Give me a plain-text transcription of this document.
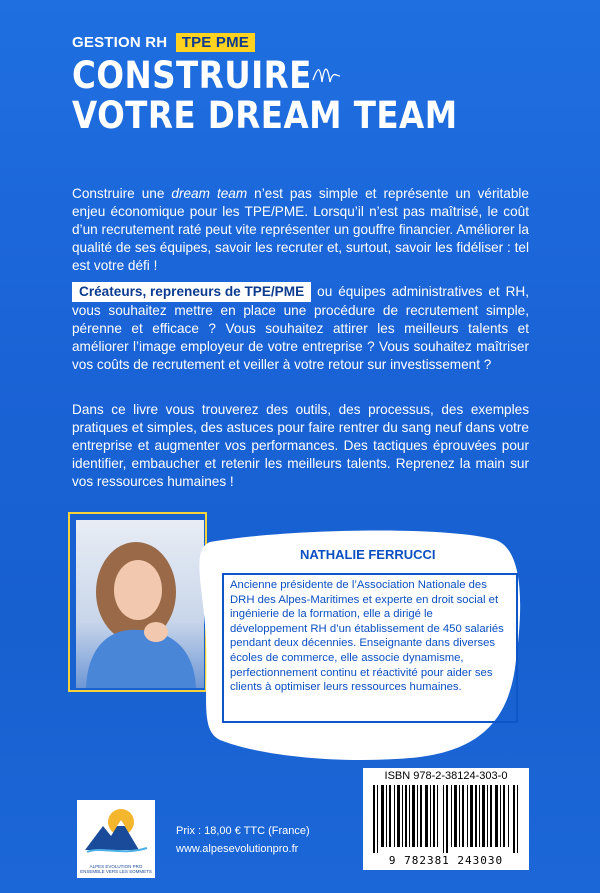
GESTION RH TPE PME
CONSTRUIRE
VOTRE DREAM TEAM
Construire une dream team n’est pas simple et représente un véritable enjeu économique pour les TPE/PME. Lorsqu’il n’est pas maîtrisé, le coût d’un recrutement raté peut vite représenter un gouffre financier. Améliorer la qualité de ses équipes, savoir les recruter et, surtout, savoir les fidéliser : tel est votre défi !
Créateurs, repreneurs de TPE/PME ou équipes administratives et RH, vous souhaitez mettre en place une procédure de recrutement simple, pérenne et efficace ? Vous souhaitez attirer les meilleurs talents et améliorer l’image employeur de votre entreprise ? Vous souhaitez maîtriser vos coûts de recrutement et veiller à votre retour sur investissement ?
Dans ce livre vous trouverez des outils, des processus, des exemples pratiques et simples, des astuces pour faire rentrer du sang neuf dans votre entreprise et augmenter vos performances. Des tactiques éprouvées pour identifier, embaucher et retenir les meilleurs talents. Reprenez la main sur vos ressources humaines !
NATHALIE FERRUCCI
Ancienne présidente de l’Association Nationale des DRH des Alpes-Maritimes et experte en droit social et ingénierie de la formation, elle a dirigé le développement RH d’un établissement de 450 salariés pendant deux décennies. Enseignante dans diverses écoles de commerce, elle associe dynamisme, perfectionnement continu et réactivité pour aider ses clients à optimiser leurs ressources humaines.
ISBN 978-2-38124-303-0
9 782381 243030
ALPES EVOLUTION PRO
ENSEMBLE VERS LES SOMMETS
Prix : 18,00 € TTC (France)
www.alpesevolutionpro.fr
